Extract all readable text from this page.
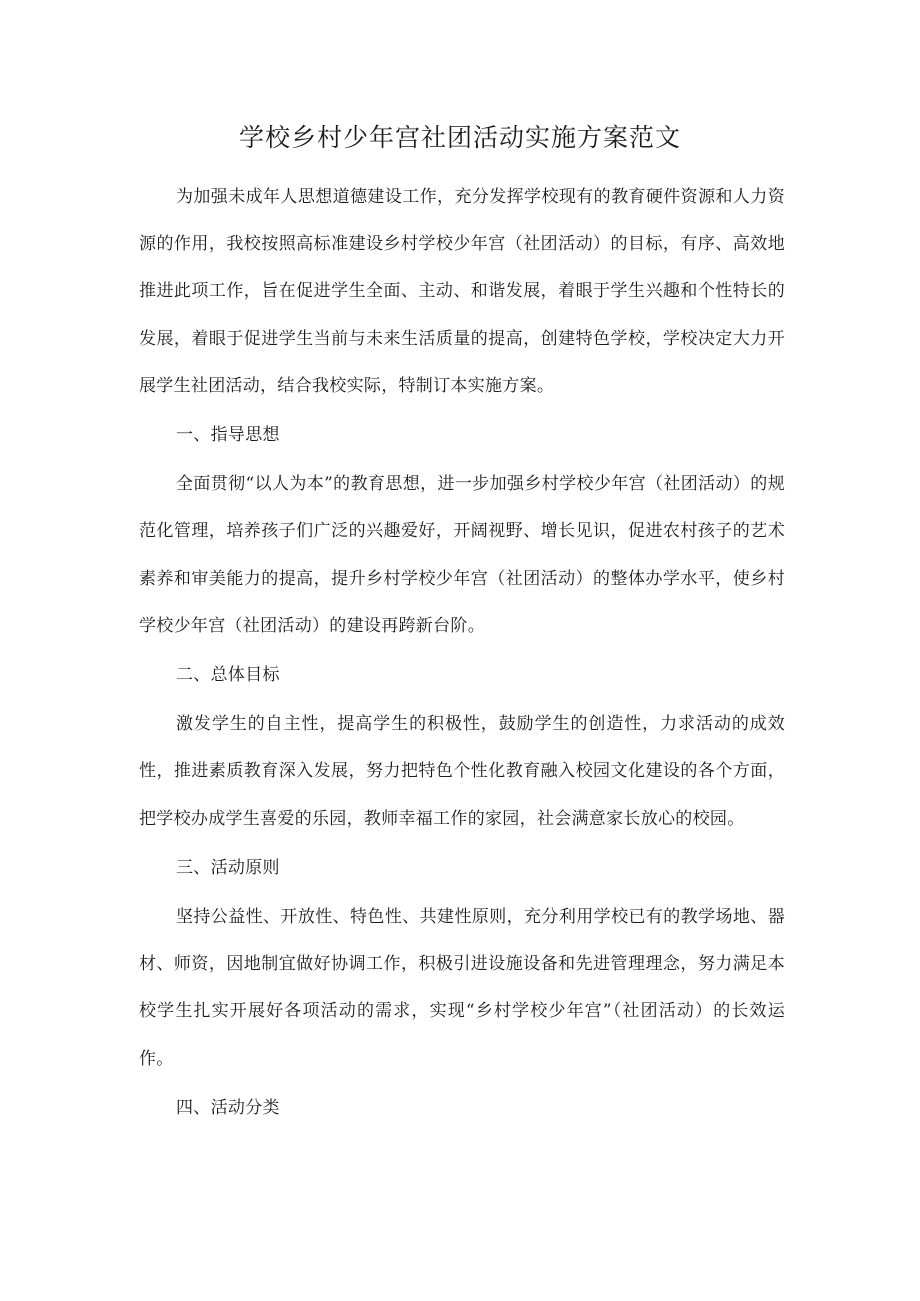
学校乡村少年宫社团活动实施方案范文

为加强未成年人思想道德建设工作，充分发挥学校现有的教育硬件资源和人力资源的作用，我校按照高标准建设乡村学校少年宫（社团活动）的目标，有序、高效地推进此项工作，旨在促进学生全面、主动、和谐发展，着眼于学生兴趣和个性特长的发展，着眼于促进学生当前与未来生活质量的提高，创建特色学校，学校决定大力开展学生社团活动，结合我校实际，特制订本实施方案。

一、指导思想

全面贯彻“以人为本”的教育思想，进一步加强乡村学校少年宫（社团活动）的规范化管理，培养孩子们广泛的兴趣爱好，开阔视野、增长见识，促进农村孩子的艺术素养和审美能力的提高，提升乡村学校少年宫（社团活动）的整体办学水平，使乡村学校少年宫（社团活动）的建设再跨新台阶。

二、总体目标

激发学生的自主性，提高学生的积极性，鼓励学生的创造性，力求活动的成效性，推进素质教育深入发展，努力把特色个性化教育融入校园文化建设的各个方面，把学校办成学生喜爱的乐园，教师幸福工作的家园，社会满意家长放心的校园。

三、活动原则

坚持公益性、开放性、特色性、共建性原则，充分利用学校已有的教学场地、器材、师资，因地制宜做好协调工作，积极引进设施设备和先进管理理念，努力满足本校学生扎实开展好各项活动的需求，实现“乡村学校少年宫”（社团活动）的长效运作。

四、活动分类
